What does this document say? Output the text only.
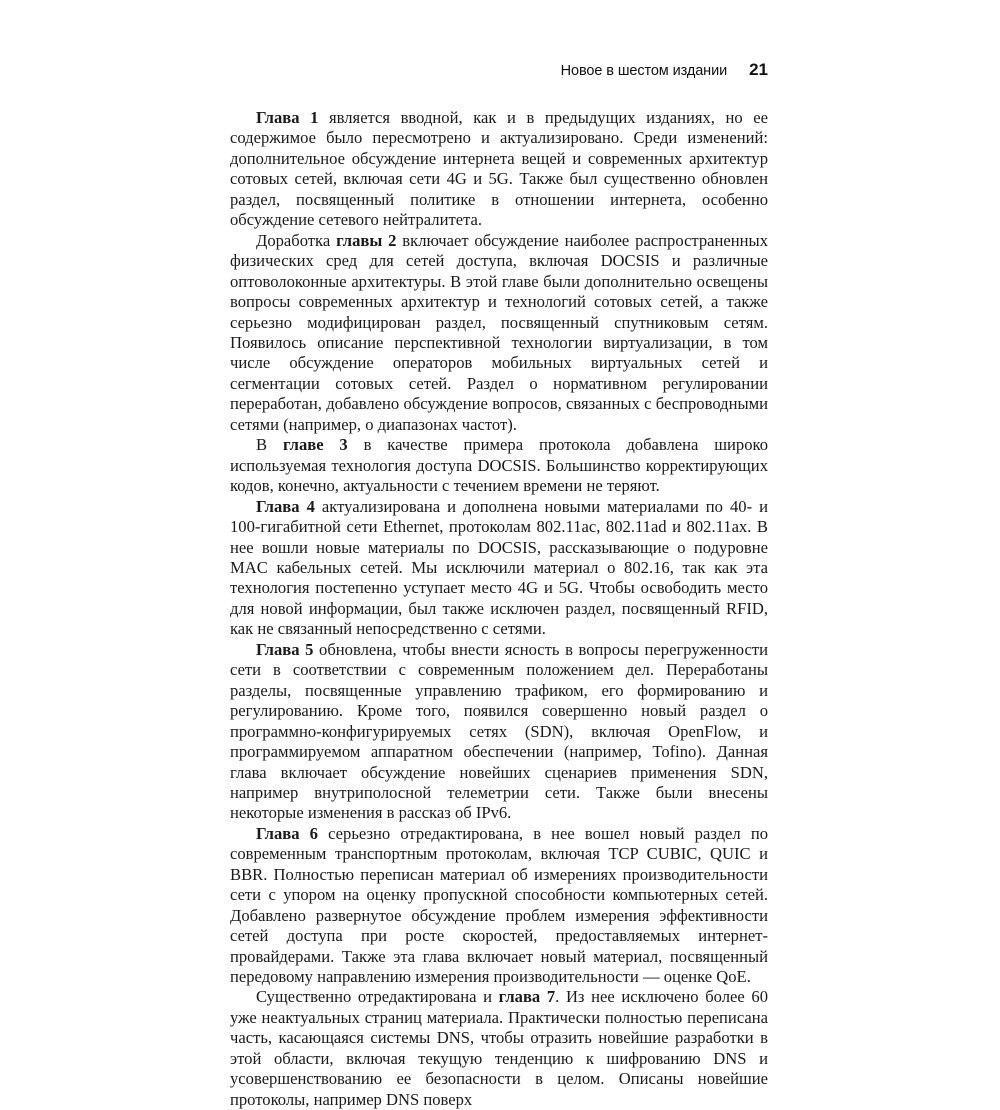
Новое в шестом издании 21

Глава 1 является вводной, как и в предыдущих изданиях, но ее содержимое было пересмотрено и актуализировано. Среди изменений: дополнительное обсуждение интернета вещей и современных архитектур сотовых сетей, включая сети 4G и 5G. Также был существенно обновлен раздел, посвященный политике в отношении интернета, особенно обсуждение сетевого нейтралитета.

Доработка главы 2 включает обсуждение наиболее распространенных физических сред для сетей доступа, включая DOCSIS и различные оптоволоконные архитектуры. В этой главе были дополнительно освещены вопросы современных архитектур и технологий сотовых сетей, а также серьезно модифицирован раздел, посвященный спутниковым сетям. Появилось описание перспективной технологии виртуализации, в том числе обсуждение операторов мобильных виртуальных сетей и сегментации сотовых сетей. Раздел о нормативном регулировании переработан, добавлено обсуждение вопросов, связанных с беспроводными сетями (например, о диапазонах частот).

В главе 3 в качестве примера протокола добавлена широко используемая технология доступа DOCSIS. Большинство корректирующих кодов, конечно, актуальности с течением времени не теряют.

Глава 4 актуализирована и дополнена новыми материалами по 40- и 100-гигабитной сети Ethernet, протоколам 802.11ac, 802.11ad и 802.11ax. В нее вошли новые материалы по DOCSIS, рассказывающие о подуровне MAC кабельных сетей. Мы исключили материал о 802.16, так как эта технология постепенно уступает место 4G и 5G. Чтобы освободить место для новой информации, был также исключен раздел, посвященный RFID, как не связанный непосредственно с сетями.

Глава 5 обновлена, чтобы внести ясность в вопросы перегруженности сети в соответствии с современным положением дел. Переработаны разделы, посвященные управлению трафиком, его формированию и регулированию. Кроме того, появился совершенно новый раздел о программно-конфигурируемых сетях (SDN), включая OpenFlow, и программируемом аппаратном обеспечении (например, Tofino). Данная глава включает обсуждение новейших сценариев применения SDN, например внутриполосной телеметрии сети. Также были внесены некоторые изменения в рассказ об IPv6.

Глава 6 серьезно отредактирована, в нее вошел новый раздел по современным транспортным протоколам, включая TCP CUBIC, QUIC и BBR. Полностью переписан материал об измерениях производительности сети с упором на оценку пропускной способности компьютерных сетей. Добавлено развернутое обсуждение проблем измерения эффективности сетей доступа при росте скоростей, предоставляемых интернет-провайдерами. Также эта глава включает новый материал, посвященный передовому направлению измерения производительности — оценке QoE.

Существенно отредактирована и глава 7. Из нее исключено более 60 уже неактуальных страниц материала. Практически полностью переписана часть, касающаяся системы DNS, чтобы отразить новейшие разработки в этой области, включая текущую тенденцию к шифрованию DNS и усовершенствованию ее безопасности в целом. Описаны новейшие протоколы, например DNS поверх
